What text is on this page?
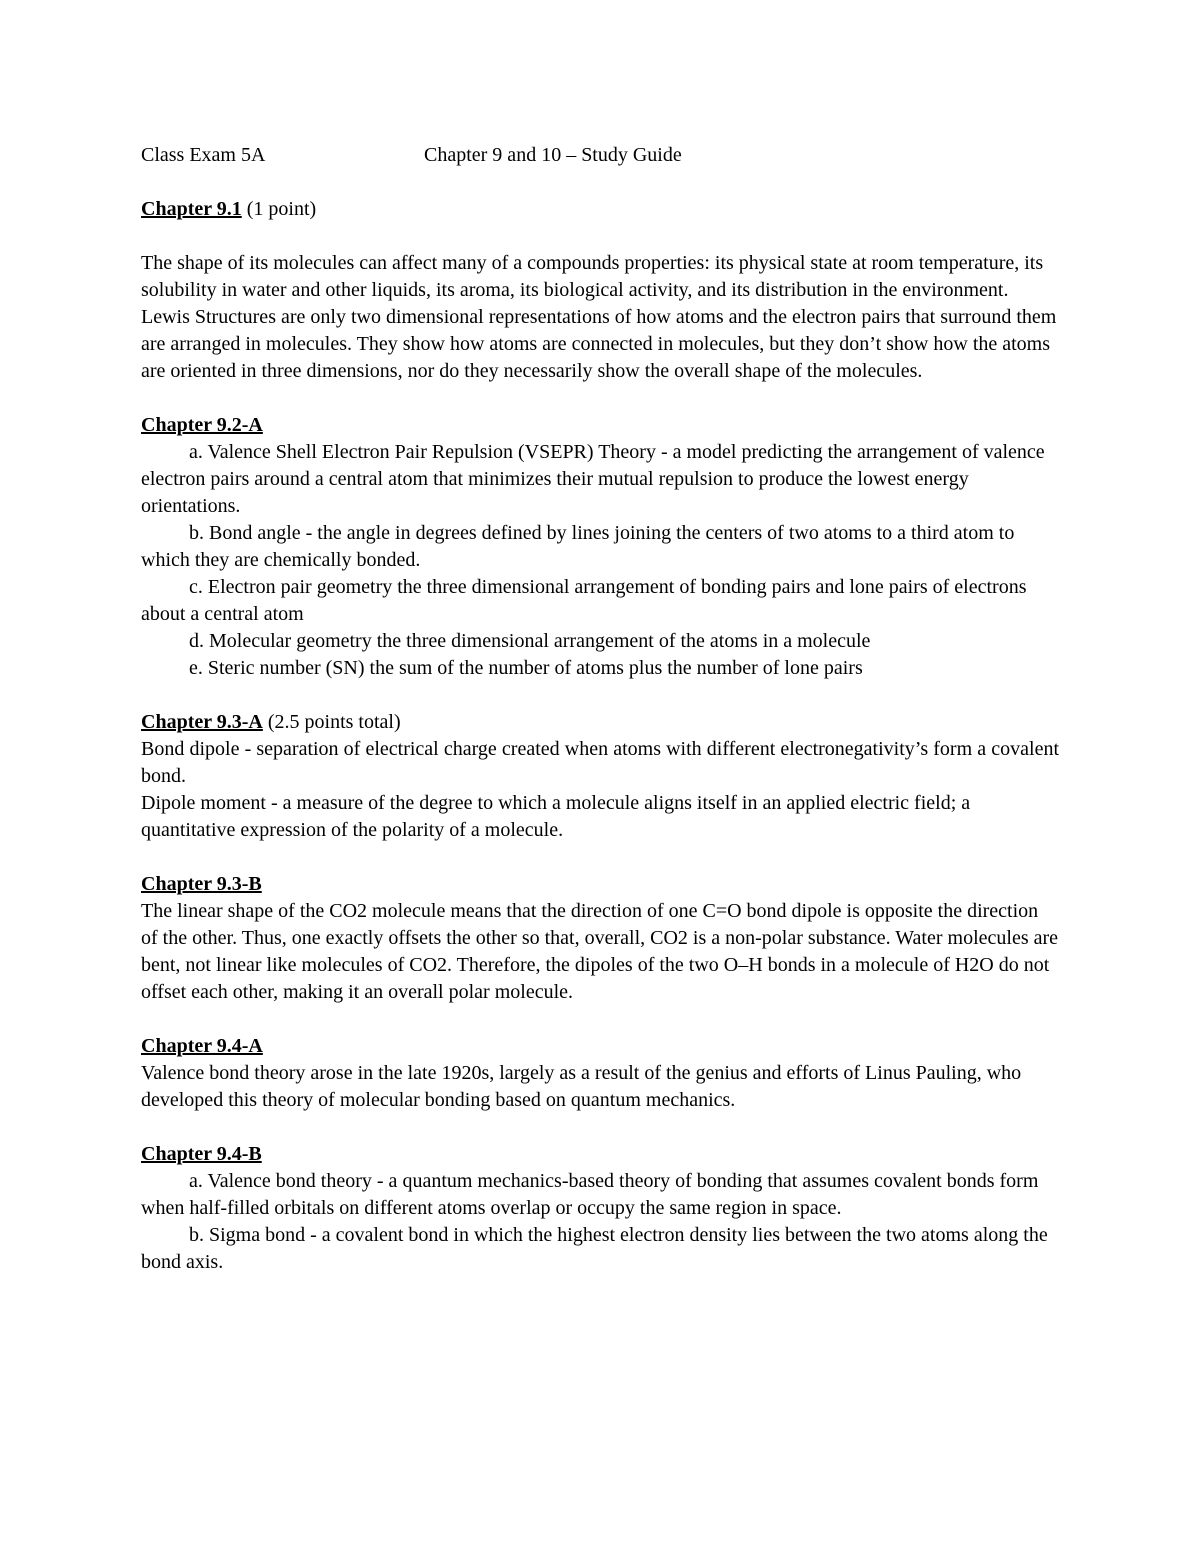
Class Exam 5A	Chapter 9 and 10 – Study Guide

Chapter 9.1 (1 point)

The shape of its molecules can affect many of a compounds properties: its physical state at room temperature, its solubility in water and other liquids, its aroma, its biological activity, and its distribution in the environment. Lewis Structures are only two dimensional representations of how atoms and the electron pairs that surround them are arranged in molecules. They show how atoms are connected in molecules, but they don’t show how the atoms are oriented in three dimensions, nor do they necessarily show the overall shape of the molecules.

Chapter 9.2-A

a. Valence Shell Electron Pair Repulsion (VSEPR) Theory - a model predicting the arrangement of valence electron pairs around a central atom that minimizes their mutual repulsion to produce the lowest energy orientations.

b. Bond angle - the angle in degrees defined by lines joining the centers of two atoms to a third atom to which they are chemically bonded.

c. Electron pair geometry the three dimensional arrangement of bonding pairs and lone pairs of electrons about a central atom

d. Molecular geometry the three dimensional arrangement of the atoms in a molecule

e. Steric number (SN) the sum of the number of atoms plus the number of lone pairs

Chapter 9.3-A (2.5 points total)

Bond dipole - separation of electrical charge created when atoms with different electronegativity’s form a covalent bond.

Dipole moment - a measure of the degree to which a molecule aligns itself in an applied electric field; a quantitative expression of the polarity of a molecule.

Chapter 9.3-B

The linear shape of the CO2 molecule means that the direction of one C=O bond dipole is opposite the direction of the other. Thus, one exactly offsets the other so that, overall, CO2 is a non-polar substance. Water molecules are bent, not linear like molecules of CO2. Therefore, the dipoles of the two O–H bonds in a molecule of H2O do not offset each other, making it an overall polar molecule.

Chapter 9.4-A

Valence bond theory arose in the late 1920s, largely as a result of the genius and efforts of Linus Pauling, who developed this theory of molecular bonding based on quantum mechanics.

Chapter 9.4-B

a. Valence bond theory - a quantum mechanics-based theory of bonding that assumes covalent bonds form when half-filled orbitals on different atoms overlap or occupy the same region in space.

b. Sigma bond - a covalent bond in which the highest electron density lies between the two atoms along the bond axis.
